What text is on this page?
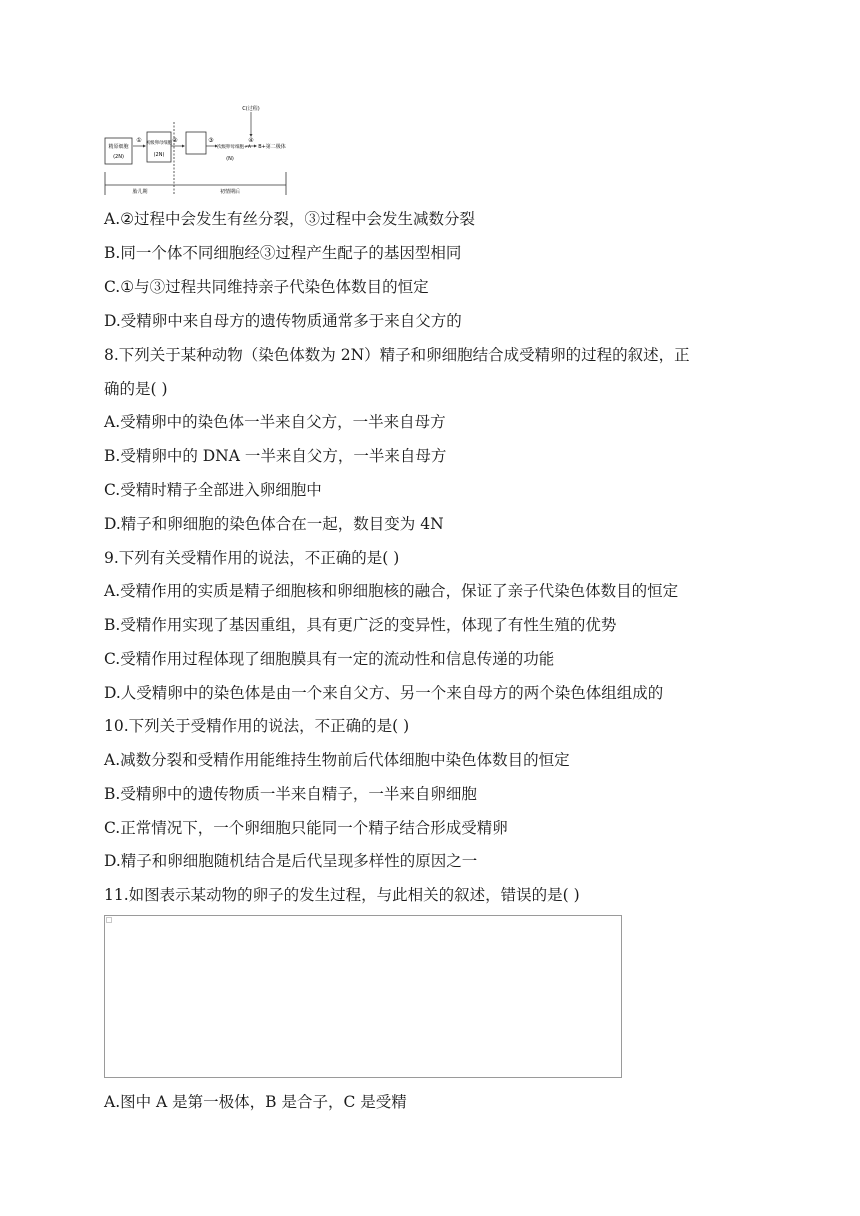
精原细胞
(2N)
① 初级卵母细胞
(2N)
②	③
次级卵母细胞+A
(N)
C(过程)
④
B+第二极体
胎儿期	初情期后
A.②过程中会发生有丝分裂，③过程中会发生减数分裂
B.同一个体不同细胞经③过程产生配子的基因型相同
C.①与③过程共同维持亲子代染色体数目的恒定
D.受精卵中来自母方的遗传物质通常多于来自父方的
8.下列关于某种动物（染色体数为 2N）精子和卵细胞结合成受精卵的过程的叙述，正
确的是( )
A.受精卵中的染色体一半来自父方，一半来自母方
B.受精卵中的 DNA 一半来自父方，一半来自母方
C.受精时精子全部进入卵细胞中
D.精子和卵细胞的染色体合在一起，数目变为 4N
9.下列有关受精作用的说法，不正确的是( )
A.受精作用的实质是精子细胞核和卵细胞核的融合，保证了亲子代染色体数目的恒定
B.受精作用实现了基因重组，具有更广泛的变异性，体现了有性生殖的优势
C.受精作用过程体现了细胞膜具有一定的流动性和信息传递的功能
D.人受精卵中的染色体是由一个来自父方、另一个来自母方的两个染色体组组成的
10.下列关于受精作用的说法，不正确的是( )
A.减数分裂和受精作用能维持生物前后代体细胞中染色体数目的恒定
B.受精卵中的遗传物质一半来自精子，一半来自卵细胞
C.正常情况下，一个卵细胞只能同一个精子结合形成受精卵
D.精子和卵细胞随机结合是后代呈现多样性的原因之一
11.如图表示某动物的卵子的发生过程，与此相关的叙述，错误的是( )
A.图中 A 是第一极体，B 是合子，C 是受精
